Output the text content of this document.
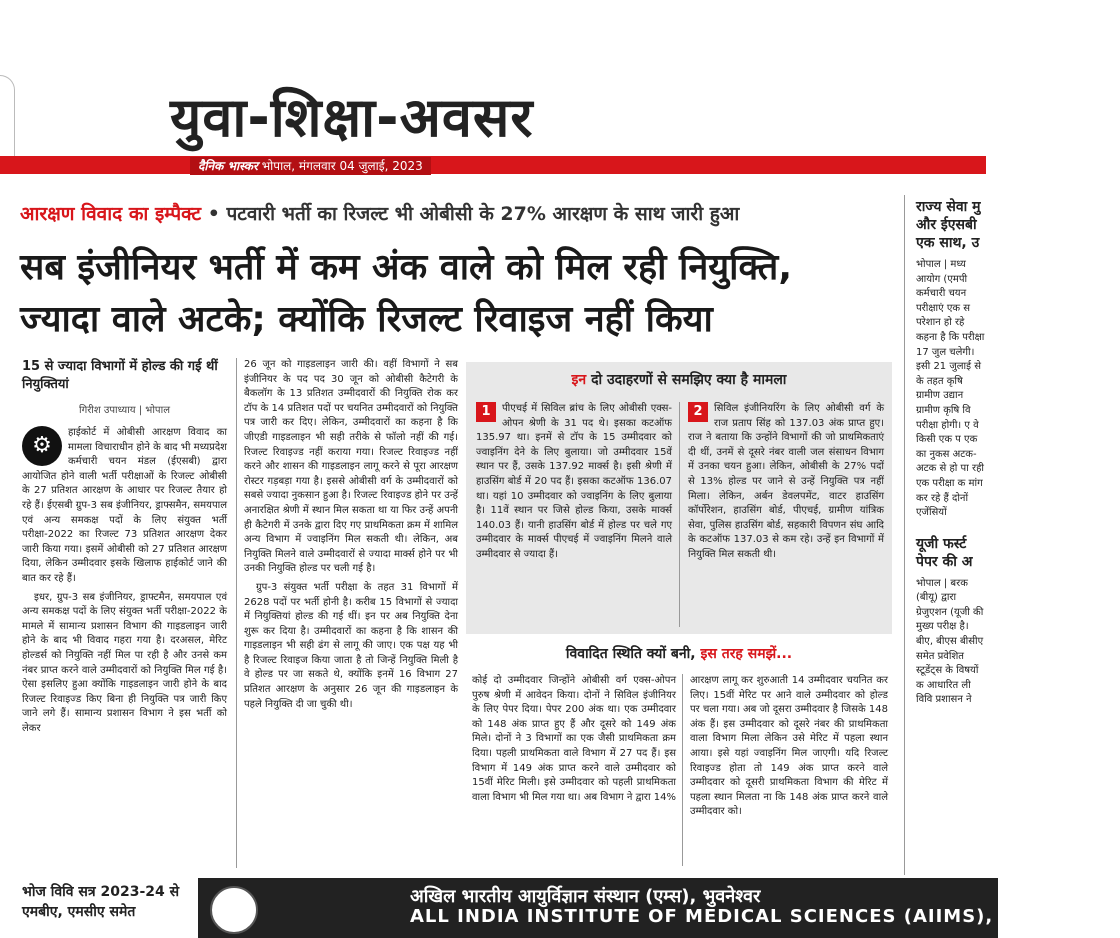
युवा-शिक्षा-अवसर
दैनिक भास्कर भोपाल, मंगलवार 04 जुलाई, 2023
आरक्षण विवाद का इम्पैक्ट • पटवारी भर्ती का रिजल्ट भी ओबीसी के 27% आरक्षण के साथ जारी हुआ
सब इंजीनियर भर्ती में कम अंक वाले को मिल रही नियुक्ति,
ज्यादा वाले अटके; क्योंकि रिजल्ट रिवाइज नहीं किया
15 से ज्यादा विभागों में होल्ड की गई थीं नियुक्तियां
गिरीश उपाध्याय | भोपाल
⚙
हाईकोर्ट में ओबीसी आरक्षण विवाद का मामला विचाराधीन होने के बाद भी मध्यप्रदेश कर्मचारी चयन मंडल (ईएसबी) द्वारा आयोजित होने वाली भर्ती परीक्षाओं के रिजल्ट ओबीसी के 27 प्रतिशत आरक्षण के आधार पर रिजल्ट तैयार हो रहे हैं। ईएसबी ग्रुप-3 सब इंजीनियर, ड्राफ्समैन, समयपाल एवं अन्य समकक्ष पदों के लिए संयुक्त भर्ती परीक्षा-2022 का रिजल्ट 73 प्रतिशत आरक्षण देकर जारी किया गया। इसमें ओबीसी को 27 प्रतिशत आरक्षण दिया, लेकिन उम्मीदवार इसके खिलाफ हाईकोर्ट जाने की बात कर रहे हैं।
इधर, ग्रुप-3 सब इंजीनियर, ड्राफ्टमैन, समयपाल एवं अन्य समकक्ष पदों के लिए संयुक्त भर्ती परीक्षा-2022 के मामले में सामान्य प्रशासन विभाग की गाइडलाइन जारी होने के बाद भी विवाद गहरा गया है। दरअसल, मेरिट होल्डर्स को नियुक्ति नहीं मिल पा रही है और उनसे कम नंबर प्राप्त करने वाले उम्मीदवारों को नियुक्ति मिल गई है। ऐसा इसलिए हुआ क्योंकि गाइडलाइन जारी होने के बाद रिजल्ट रिवाइज्ड किए बिना ही नियुक्ति पत्र जारी किए जाने लगे हैं। सामान्य प्रशासन विभाग ने इस भर्ती को लेकर
26 जून को गाइडलाइन जारी की। वहीं विभागों ने सब इंजीनियर के पद पद 30 जून को ओबीसी कैटेगरी के बैकलॉग के 13 प्रतिशत उम्मीदवारों की नियुक्ति रोक कर टॉप के 14 प्रतिशत पदों पर चयनित उम्मीदवारों को नियुक्ति पत्र जारी कर दिए। लेकिन, उम्मीदवारों का कहना है कि जीएडी गाइडलाइन भी सही तरीके से फॉलो नहीं की गई। रिजल्ट रिवाइज्ड नहीं कराया गया। रिजल्ट रिवाइज्ड नहीं करने और शासन की गाइडलाइन लागू करने से पूरा आरक्षण रोस्टर गड़बड़ा गया है। इससे ओबीसी वर्ग के उम्मीदवारों को सबसे ज्यादा नुकसान हुआ है। रिजल्ट रिवाइज्ड होने पर उन्हें अनारक्षित श्रेणी में स्थान मिल सकता था या फिर उन्हें अपनी ही कैटेगरी में उनके द्वारा दिए गए प्राथमिकता क्रम में शामिल अन्य विभाग में ज्वाइनिंग मिल सकती थी। लेकिन, अब नियुक्ति मिलने वाले उम्मीदवारों से ज्यादा मार्क्स होने पर भी उनकी नियुक्ति होल्ड पर चली गई है।
ग्रुप-3 संयुक्त भर्ती परीक्षा के तहत 31 विभागों में 2628 पदों पर भर्ती होनी है। करीब 15 विभागों से ज्यादा में नियुक्तियां होल्ड की गई थीं। इन पर अब नियुक्ति देना शुरू कर दिया है। उम्मीदवारों का कहना है कि शासन की गाइडलाइन भी सही ढंग से लागू की जाए। एक पक्ष यह भी है रिजल्ट रिवाइज किया जाता है तो जिन्हें नियुक्ति मिली है वे होल्ड पर जा सकते थे, क्योंकि इनमें 16 विभाग 27 प्रतिशत आरक्षण के अनुसार 26 जून की गाइडलाइन के पहले नियुक्ति दी जा चुकी थी।
इन दो उदाहरणों से समझिए क्या है मामला
1	पीएचई में सिविल ब्रांच के लिए ओबीसी एक्स-ओपन श्रेणी के 31 पद थे। इसका कटऑफ 135.97 था। इनमें से टॉप के 15 उम्मीदवार को ज्वाइनिंग देने के लिए बुलाया। जो उम्मीदवार 15वें स्थान पर हैं, उसके 137.92 मार्क्स है। इसी श्रेणी में हाउसिंग बोर्ड में 20 पद हैं। इसका कटऑफ 136.07 था। यहां 10 उम्मीदवार को ज्वाइनिंग के लिए बुलाया है। 11वें स्थान पर जिसे होल्ड किया, उसके मार्क्स 140.03 हैं। यानी हाउसिंग बोर्ड में होल्ड पर चले गए उम्मीदवार के मार्क्स पीएचई में ज्वाइनिंग मिलने वाले उम्मीदवार से ज्यादा हैं।
2	सिविल इंजीनियरिंग के लिए ओबीसी वर्ग के राज प्रताप सिंह को 137.03 अंक प्राप्त हुए। राज ने बताया कि उन्होंने विभागों की जो प्राथमिकताएं दी थीं, उनमें से दूसरे नंबर वाली जल संसाधन विभाग में उनका चयन हुआ। लेकिन, ओबीसी के 27% पदों से 13% होल्ड पर जाने से उन्हें नियुक्ति पत्र नहीं मिला। लेकिन, अर्बन डेवलपमेंट, वाटर हाउसिंग कॉर्पोरेशन, हाउसिंग बोर्ड, पीएचई, ग्रामीण यांत्रिक सेवा, पुलिस हाउसिंग बोर्ड, सहकारी विपणन संघ आदि के कटऑफ 137.03 से कम रहे। उन्हें इन विभागों में नियुक्ति मिल सकती थी।
विवादित स्थिति क्यों बनी, इस तरह समझें...
कोई दो उम्मीदवार जिन्होंने ओबीसी वर्ग एक्स-ओपन पुरुष श्रेणी में आवेदन किया। दोनों ने सिविल इंजीनियर के लिए पेपर दिया। पेपर 200 अंक था। एक उम्मीदवार को 148 अंक प्राप्त हुए हैं और दूसरे को 149 अंक मिले। दोनों ने 3 विभागों का एक जैसी प्राथमिकता क्रम दिया। पहली प्राथमिकता वाले विभाग में 27 पद हैं। इस विभाग में 149 अंक प्राप्त करने वाले उम्मीदवार को 15वीं मेरिट मिली। इसे उम्मीदवार को पहली प्राथमिकता वाला विभाग भी मिल गया था। अब विभाग ने द्वारा 14%
आरक्षण लागू कर शुरुआती 14 उम्मीदवार चयनित कर लिए। 15वीं मेरिट पर आने वाले उम्मीदवार को होल्ड पर चला गया। अब जो दूसरा उम्मीदवार है जिसके 148 अंक हैं। इस उम्मीदवार को दूसरे नंबर की प्राथमिकता वाला विभाग मिला लेकिन उसे मेरिट में पहला स्थान आया। इसे यहां ज्वाइनिंग मिल जाएगी। यदि रिजल्ट रिवाइज्ड होता तो 149 अंक प्राप्त करने वाले उम्मीदवार को दूसरी प्राथमिकता विभाग की मेरिट में पहला स्थान मिलता ना कि 148 अंक प्राप्त करने वाले उम्मीदवार को।
राज्य सेवा मु और ईएसबी एक साथ, उ
भोपाल | मध्य आयोग (एमपी कर्मचारी चयन परीक्षाएं एक स परेशान हो रहे कहना है कि परीक्षा 17 जुल चलेगी। इसी 21 जुलाई से के तहत कृषि ग्रामीण उद्यान ग्रामीण कृषि वि परीक्षा होगी। ए वे किसी एक प एक का नुकस अटक-अटक से हो पा रही एक परीक्षा क मांग कर रहे हैं दोनों एजेंसियों
यूजी फर्स्ट पेपर की अ
भोपाल | बरक (बीयू) द्वारा ग्रेजुएशन (यूजी की मुख्य परीक्ष है। बीए, बीएस बीसीए समेत प्रवेशित स्टूडेंट्स के विषयों क आधारित ली विवि प्रशासन ने
भोज विवि सत्र 2023-24 से एमबीए, एमसीए समेत
अखिल भारतीय आयुर्विज्ञान संस्थान (एम्स), भुवनेश्वर
ALL INDIA INSTITUTE OF MEDICAL SCIENCES (AIIMS), BHUBANES
